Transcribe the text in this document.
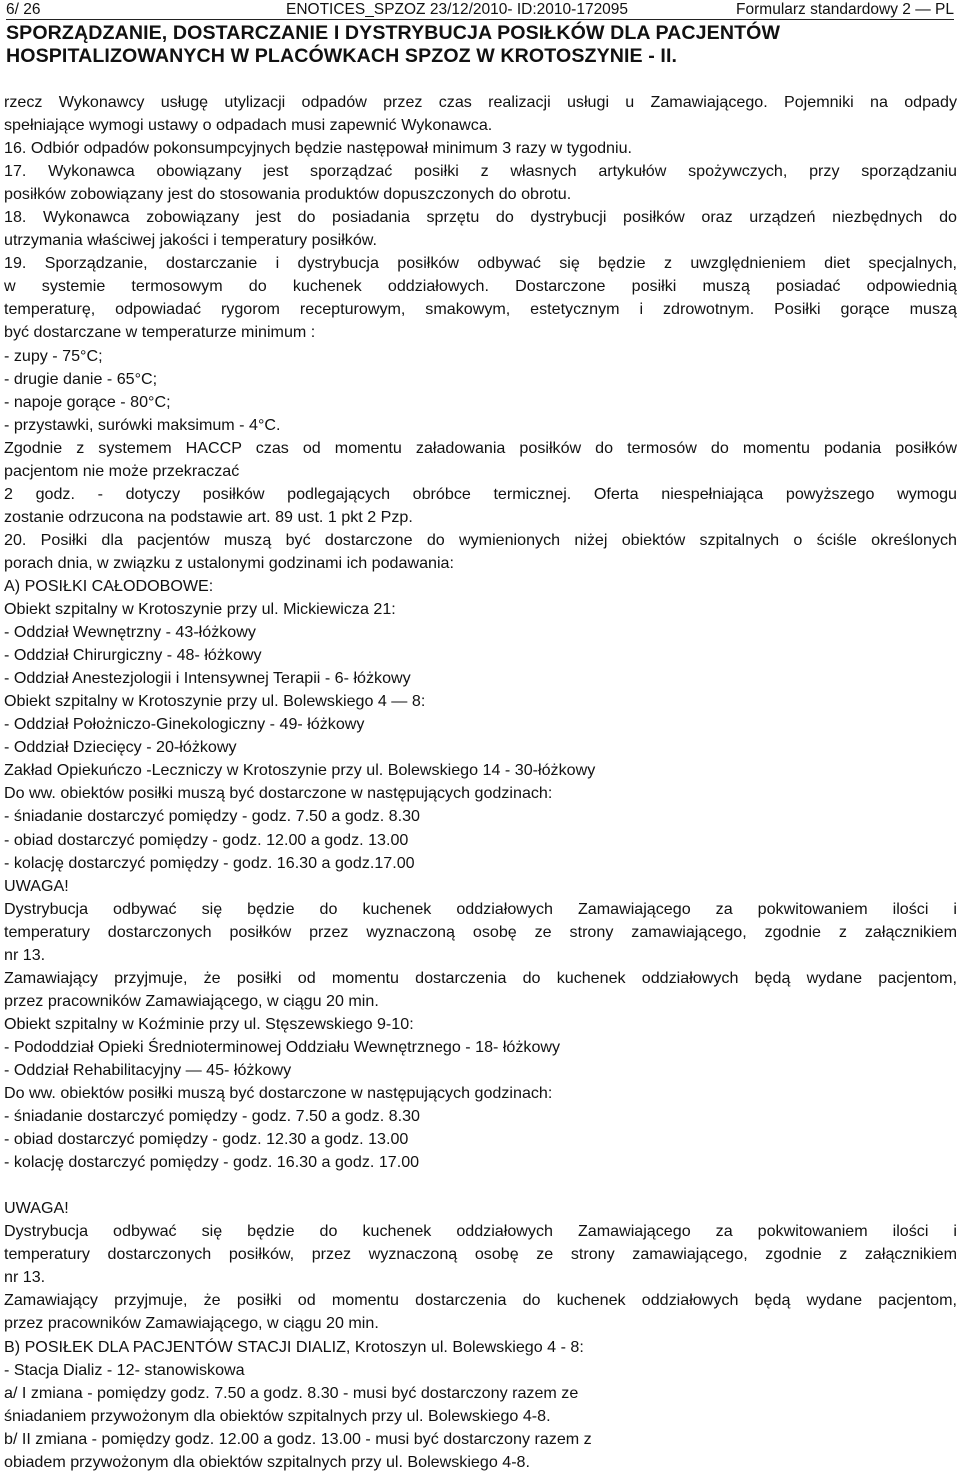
6/ 26	ENOTICES_SPZOZ 23/12/2010- ID:2010-172095	Formularz standardowy 2 — PL
SPORZĄDZANIE, DOSTARCZANIE I DYSTRYBUCJA POSIŁKÓW DLA PACJENTÓW
HOSPITALIZOWANYCH W PLACÓWKACH SPZOZ W KROTOSZYNIE - II.
rzecz Wykonawcy usługę utylizacji odpadów przez czas realizacji usługi u Zamawiającego. Pojemniki na odpady
spełniające wymogi ustawy o odpadach musi zapewnić Wykonawca.
16. Odbiór odpadów pokonsumpcyjnych będzie następował minimum 3 razy w tygodniu.
17. Wykonawca obowiązany jest sporządzać posiłki z własnych artykułów spożywczych, przy sporządzaniu
posiłków zobowiązany jest do stosowania produktów dopuszczonych do obrotu.
18. Wykonawca zobowiązany jest do posiadania sprzętu do dystrybucji posiłków oraz urządzeń niezbędnych do
utrzymania właściwej jakości i temperatury posiłków.
19. Sporządzanie, dostarczanie i dystrybucja posiłków odbywać się będzie z uwzględnieniem diet specjalnych,
w systemie termosowym do kuchenek oddziałowych. Dostarczone posiłki muszą posiadać odpowiednią
temperaturę, odpowiadać rygorom recepturowym, smakowym, estetycznym i zdrowotnym. Posiłki gorące muszą
być dostarczane w temperaturze minimum :
- zupy - 75°C;
- drugie danie - 65°C;
- napoje gorące - 80°C;
- przystawki, surówki maksimum - 4°C.
Zgodnie z systemem HACCP czas od momentu załadowania posiłków do termosów do momentu podania posiłków
pacjentom nie może przekraczać
2 godz. - dotyczy posiłków podlegających obróbce termicznej. Oferta niespełniająca powyższego wymogu
zostanie odrzucona na podstawie art. 89 ust. 1 pkt 2 Pzp.
20. Posiłki dla pacjentów muszą być dostarczone do wymienionych niżej obiektów szpitalnych o ściśle określonych
porach dnia, w związku z ustalonymi godzinami ich podawania:
A) POSIŁKI CAŁODOBOWE:
Obiekt szpitalny w Krotoszynie przy ul. Mickiewicza 21:
- Oddział Wewnętrzny - 43-łóżkowy
- Oddział Chirurgiczny - 48- łóżkowy
- Oddział Anestezjologii i Intensywnej Terapii - 6- łóżkowy
Obiekt szpitalny w Krotoszynie przy ul. Bolewskiego 4 — 8:
- Oddział Położniczo-Ginekologiczny - 49- łóżkowy
- Oddział Dziecięcy - 20-łóżkowy
Zakład Opiekuńczo -Leczniczy w Krotoszynie przy ul. Bolewskiego 14 - 30-łóżkowy
Do ww. obiektów posiłki muszą być dostarczone w następujących godzinach:
- śniadanie dostarczyć pomiędzy - godz. 7.50 a godz. 8.30
- obiad dostarczyć pomiędzy - godz. 12.00 a godz. 13.00
- kolację dostarczyć pomiędzy - godz. 16.30 a godz.17.00
UWAGA!
Dystrybucja odbywać się będzie do kuchenek oddziałowych Zamawiającego za pokwitowaniem ilości i
temperatury dostarczonych posiłków przez wyznaczoną osobę ze strony zamawiającego, zgodnie z załącznikiem
nr 13.
Zamawiający przyjmuje, że posiłki od momentu dostarczenia do kuchenek oddziałowych będą wydane pacjentom,
przez pracowników Zamawiającego, w ciągu 20 min.
Obiekt szpitalny w Koźminie przy ul. Stęszewskiego 9-10:
- Pododdział Opieki Średnioterminowej Oddziału Wewnętrznego - 18- łóżkowy
- Oddział Rehabilitacyjny — 45- łóżkowy
Do ww. obiektów posiłki muszą być dostarczone w następujących godzinach:
- śniadanie dostarczyć pomiędzy - godz. 7.50 a godz. 8.30
- obiad dostarczyć pomiędzy - godz. 12.30 a godz. 13.00
- kolację dostarczyć pomiędzy - godz. 16.30 a godz. 17.00
UWAGA!
Dystrybucja odbywać się będzie do kuchenek oddziałowych Zamawiającego za pokwitowaniem ilości i
temperatury dostarczonych posiłków, przez wyznaczoną osobę ze strony zamawiającego, zgodnie z załącznikiem
nr 13.
Zamawiający przyjmuje, że posiłki od momentu dostarczenia do kuchenek oddziałowych będą wydane pacjentom,
przez pracowników Zamawiającego, w ciągu 20 min.
B) POSIŁEK DLA PACJENTÓW STACJI DIALIZ, Krotoszyn ul. Bolewskiego 4 - 8:
- Stacja Dializ - 12- stanowiskowa
a/ I zmiana - pomiędzy godz. 7.50 a godz. 8.30 - musi być dostarczony razem ze
śniadaniem przywożonym dla obiektów szpitalnych przy ul. Bolewskiego 4-8.
b/ II zmiana - pomiędzy godz. 12.00 a godz. 13.00 - musi być dostarczony razem z
obiadem przywożonym dla obiektów szpitalnych przy ul. Bolewskiego 4-8.
